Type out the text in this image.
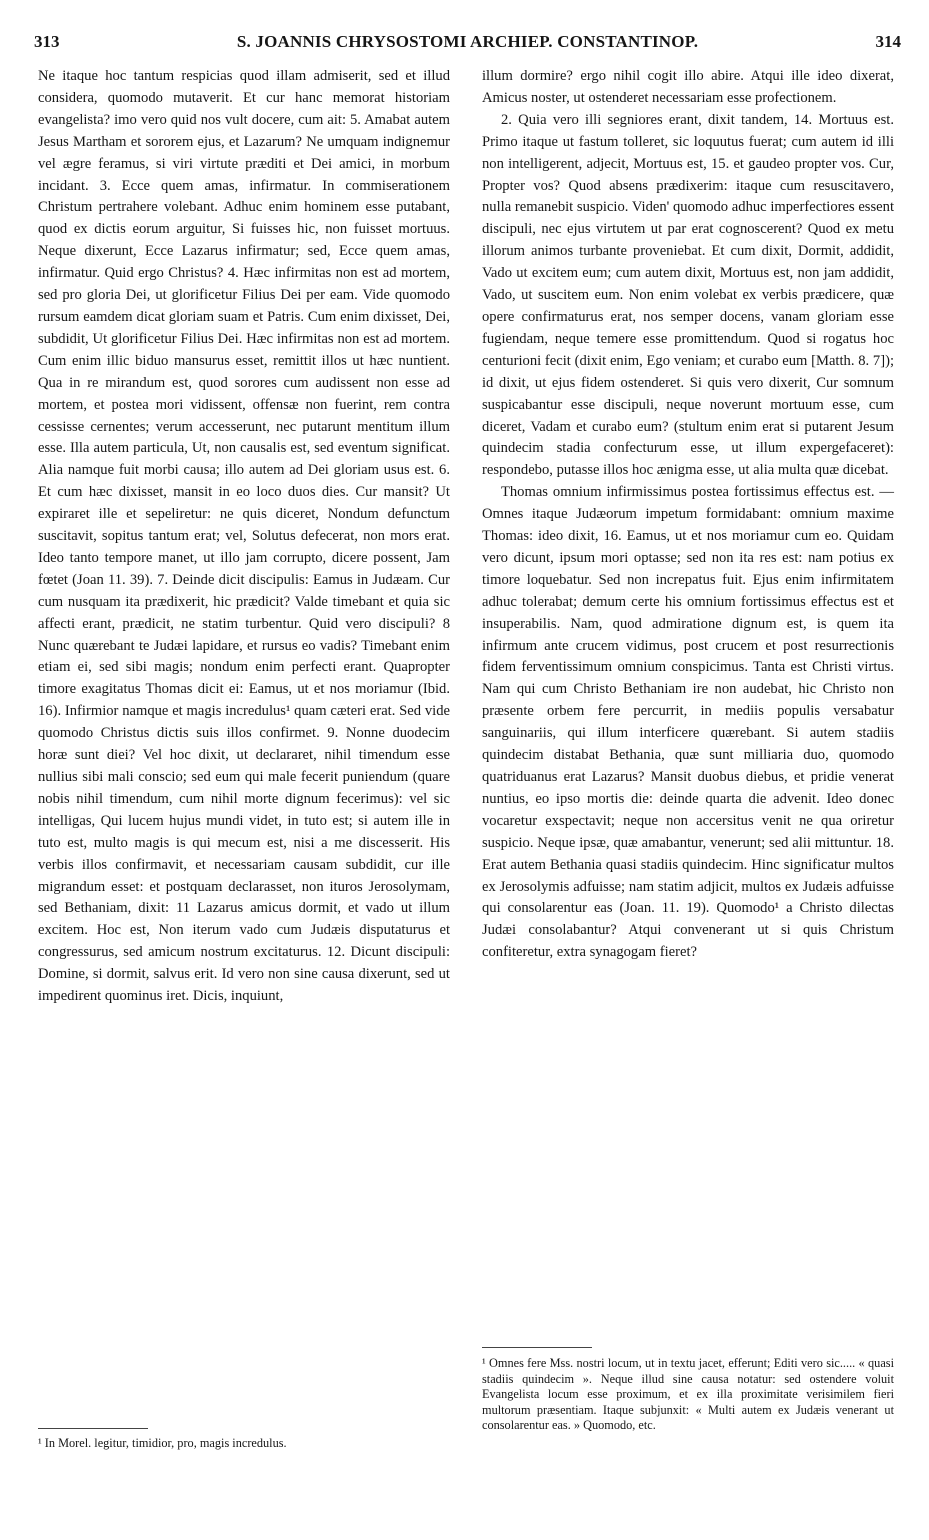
313	S. JOANNIS CHRYSOSTOMI ARCHIEP. CONSTANTINOP.	314

Ne itaque hoc tantum respicias quod illam admiserit, sed et illud considera, quomodo mutaverit. Et cur hanc memorat historiam evangelista? imo vero quid nos vult docere, cum ait: 5. Amabat autem Jesus Martham et sororem ejus, et Lazarum? Ne umquam indignemur vel ægre feramus, si viri virtute præditi et Dei amici, in morbum incidant. 3. Ecce quem amas, infirmatur. In commiserationem Christum pertrahere volebant. Adhuc enim hominem esse putabant, quod ex dictis eorum arguitur, Si fuisses hic, non fuisset mortuus. Neque dixerunt, Ecce Lazarus infirmatur; sed, Ecce quem amas, infirmatur. Quid ergo Christus? 4. Hæc infirmitas non est ad mortem, sed pro gloria Dei, ut glorificetur Filius Dei per eam. Vide quomodo rursum eamdem dicat gloriam suam et Patris. Cum enim dixisset, Dei, subdidit, Ut glorificetur Filius Dei. Hæc infirmitas non est ad mortem. Cum enim illic biduo mansurus esset, remittit illos ut hæc nuntient. Qua in re mirandum est, quod sorores cum audissent non esse ad mortem, et postea mori vidissent, offensæ non fuerint, rem contra cessisse cernentes; verum accesserunt, nec putarunt mentitum illum esse. Illa autem particula, Ut, non causalis est, sed eventum significat. Alia namque fuit morbi causa; illo autem ad Dei gloriam usus est. 6. Et cum hæc dixisset, mansit in eo loco duos dies. Cur mansit? Ut expiraret ille et sepeliretur: ne quis diceret, Nondum defunctum suscitavit, sopitus tantum erat; vel, Solutus defecerat, non mors erat. Ideo tanto tempore manet, ut illo jam corrupto, dicere possent, Jam fœtet (Joan 11. 39). 7. Deinde dicit discipulis: Eamus in Judæam. Cur cum nusquam ita prædixerit, hic prædicit? Valde timebant et quia sic affecti erant, prædicit, ne statim turbentur. Quid vero discipuli? 8 Nunc quærebant te Judæi lapidare, et rursus eo vadis? Timebant enim etiam ei, sed sibi magis; nondum enim perfecti erant. Quapropter timore exagitatus Thomas dicit ei: Eamus, ut et nos moriamur (Ibid. 16). Infirmior namque et magis incredulus¹ quam cæteri erat. Sed vide quomodo Christus dictis suis illos confirmet. 9. Nonne duodecim horæ sunt diei? Vel hoc dixit, ut declararet, nihil timendum esse nullius sibi mali conscio; sed eum qui male fecerit puniendum (quare nobis nihil timendum, cum nihil morte dignum fecerimus): vel sic intelligas, Qui lucem hujus mundi videt, in tuto est; si autem ille in tuto est, multo magis is qui mecum est, nisi a me discesserit. His verbis illos confirmavit, et necessariam causam subdidit, cur ille migrandum esset: et postquam declarasset, non ituros Jerosolymam, sed Bethaniam, dixit: 11 Lazarus amicus dormit, et vado ut illum excitem. Hoc est, Non iterum vado cum Judæis disputaturus et congressurus, sed amicum nostrum excitaturus. 12. Dicunt discipuli: Domine, si dormit, salvus erit. Id vero non sine causa dixerunt, sed ut impedirent quominus iret. Dicis, inquiunt,

illum dormire? ergo nihil cogit illo abire. Atqui ille ideo dixerat, Amicus noster, ut ostenderet necessariam esse profectionem.

2. Quia vero illi segniores erant, dixit tandem, 14. Mortuus est. Primo itaque ut fastum tolleret, sic loquutus fuerat; cum autem id illi non intelligerent, adjecit, Mortuus est, 15. et gaudeo propter vos. Cur, Propter vos? Quod absens prædixerim: itaque cum resuscitavero, nulla remanebit suspicio. Viden' quomodo adhuc imperfectiores essent discipuli, nec ejus virtutem ut par erat cognoscerent? Quod ex metu illorum animos turbante proveniebat. Et cum dixit, Dormit, addidit, Vado ut excitem eum; cum autem dixit, Mortuus est, non jam addidit, Vado, ut suscitem eum. Non enim volebat ex verbis prædicere, quæ opere confirmaturus erat, nos semper docens, vanam gloriam esse fugiendam, neque temere esse promittendum. Quod si rogatus hoc centurioni fecit (dixit enim, Ego veniam; et curabo eum [Matth. 8. 7]); id dixit, ut ejus fidem ostenderet. Si quis vero dixerit, Cur somnum suspicabantur esse discipuli, neque noverunt mortuum esse, cum diceret, Vadam et curabo eum? (stultum enim erat si putarent Jesum quindecim stadia confecturum esse, ut illum expergefaceret): respondebo, putasse illos hoc ænigma esse, ut alia multa quæ dicebat.

Thomas omnium infirmissimus postea fortissimus effectus est. — Omnes itaque Judæorum impetum formidabant: omnium maxime Thomas: ideo dixit, 16. Eamus, ut et nos moriamur cum eo. Quidam vero dicunt, ipsum mori optasse; sed non ita res est: nam potius ex timore loquebatur. Sed non increpatus fuit. Ejus enim infirmitatem adhuc tolerabat; demum certe his omnium fortissimus effectus est et insuperabilis. Nam, quod admiratione dignum est, is quem ita infirmum ante crucem vidimus, post crucem et post resurrectionis fidem ferventissimum omnium conspicimus. Tanta est Christi virtus. Nam qui cum Christo Bethaniam ire non audebat, hic Christo non præsente orbem fere percurrit, in mediis populis versabatur sanguinariis, qui illum interficere quærebant. Si autem stadiis quindecim distabat Bethania, quæ sunt milliaria duo, quomodo quatriduanus erat Lazarus? Mansit duobus diebus, et pridie venerat nuntius, eo ipso mortis die: deinde quarta die advenit. Ideo donec vocaretur exspectavit; neque non accersitus venit ne qua oriretur suspicio. Neque ipsæ, quæ amabantur, venerunt; sed alii mittuntur. 18. Erat autem Bethania quasi stadiis quindecim. Hinc significatur multos ex Jerosolymis adfuisse; nam statim adjicit, multos ex Judæis adfuisse qui consolarentur eas (Joan. 11. 19). Quomodo¹ a Christo dilectas Judæi consolabantur? Atqui convenerant ut si quis Christum confiteretur, extra synagogam fieret?

¹ In Morel. legitur, timidior, pro, magis incredulus.

¹ Omnes fere Mss. nostri locum, ut in textu jacet, efferunt; Editi vero sic..... « quasi stadiis quindecim ». Neque illud sine causa notatur: sed ostendere voluit Evangelista locum esse proximum, et ex illa proximitate verisimilem fieri multorum præsentiam. Itaque subjunxit: « Multi autem ex Judæis venerant ut consolarentur eas. » Quomodo, etc.
